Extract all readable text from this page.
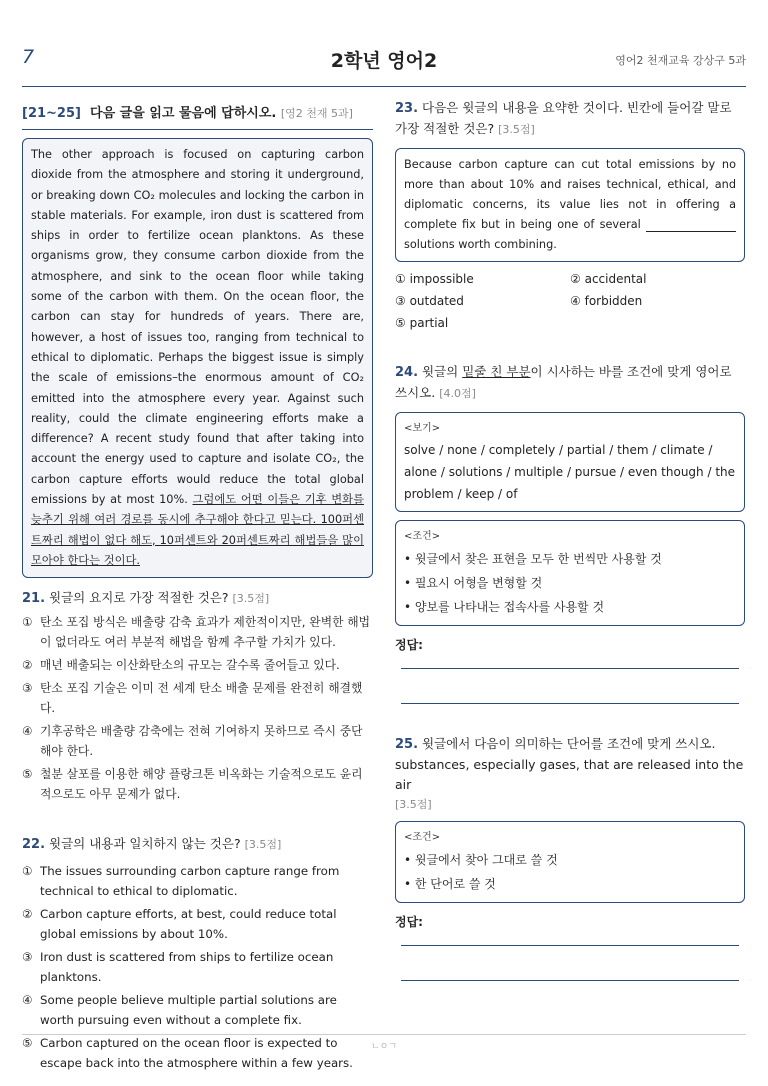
7	2학년 영어2	영어2 천재교육 강상구 5과
[21~25] 다음 글을 읽고 물음에 답하시오. [영2 천재 5과]
The other approach is focused on capturing carbon dioxide from the atmosphere and storing it underground, or breaking down CO₂ molecules and locking the carbon in stable materials. For example, iron dust is scattered from ships in order to fertilize ocean planktons. As these organisms grow, they consume carbon dioxide from the atmosphere, and sink to the ocean floor while taking some of the carbon with them. On the ocean floor, the carbon can stay for hundreds of years. There are, however, a host of issues too, ranging from technical to ethical to diplomatic. Perhaps the biggest issue is simply the scale of emissions–the enormous amount of CO₂ emitted into the atmosphere every year. Against such reality, could the climate engineering efforts make a difference? A recent study found that after taking into account the energy used to capture and isolate CO₂, the carbon capture efforts would reduce the total global emissions by at most 10%. 그럼에도 어떤 이들은 기후 변화를 늦추기 위해 여러 경로를 동시에 추구해야 한다고 믿는다. 100퍼센트짜리 해법이 없다 해도, 10퍼센트와 20퍼센트짜리 해법들을 많이 모아야 한다는 것이다.
21. 윗글의 요지로 가장 적절한 것은? [3.5점]
① 탄소 포집 방식은 배출량 감축 효과가 제한적이지만, 완벽한 해법이 없더라도 여러 부분적 해법을 함께 추구할 가치가 있다.
② 매년 배출되는 이산화탄소의 규모는 갈수록 줄어들고 있다.
③ 탄소 포집 기술은 이미 전 세계 탄소 배출 문제를 완전히 해결했다.
④ 기후공학은 배출량 감축에는 전혀 기여하지 못하므로 즉시 중단해야 한다.
⑤ 철분 살포를 이용한 해양 플랑크톤 비옥화는 기술적으로도 윤리적으로도 아무 문제가 없다.
22. 윗글의 내용과 일치하지 않는 것은? [3.5점]
① The issues surrounding carbon capture range from technical to ethical to diplomatic.
② Carbon capture efforts, at best, could reduce total global emissions by about 10%.
③ Iron dust is scattered from ships to fertilize ocean planktons.
④ Some people believe multiple partial solutions are worth pursuing even without a complete fix.
⑤ Carbon captured on the ocean floor is expected to escape back into the atmosphere within a few years.
23. 다음은 윗글의 내용을 요약한 것이다. 빈칸에 들어갈 말로 가장 적절한 것은? [3.5점]
Because carbon capture can cut total emissions by no more than about 10% and raises technical, ethical, and diplomatic concerns, its value lies not in offering a complete fix but in being one of several  solutions worth combining.
① impossible	② accidental
③ outdated	④ forbidden
⑤ partial
24. 윗글의 밑줄 친 부분이 시사하는 바를 조건에 맞게 영어로 쓰시오. [4.0점]
<보기>
solve / none / completely / partial / them / climate / alone / solutions / multiple / pursue / even though / the problem / keep / of
<조건>
• 윗글에서 찾은 표현을 모두 한 번씩만 사용할 것
• 필요시 어형을 변형할 것
• 양보를 나타내는 접속사를 사용할 것
정답:
25. 윗글에서 다음이 의미하는 단어를 조건에 맞게 쓰시오.
substances, especially gases, that are released into the air
[3.5점]
<조건>
• 윗글에서 찾아 그대로 쓸 것
• 한 단어로 쓸 것
정답:
ㄴㅇㄱ
